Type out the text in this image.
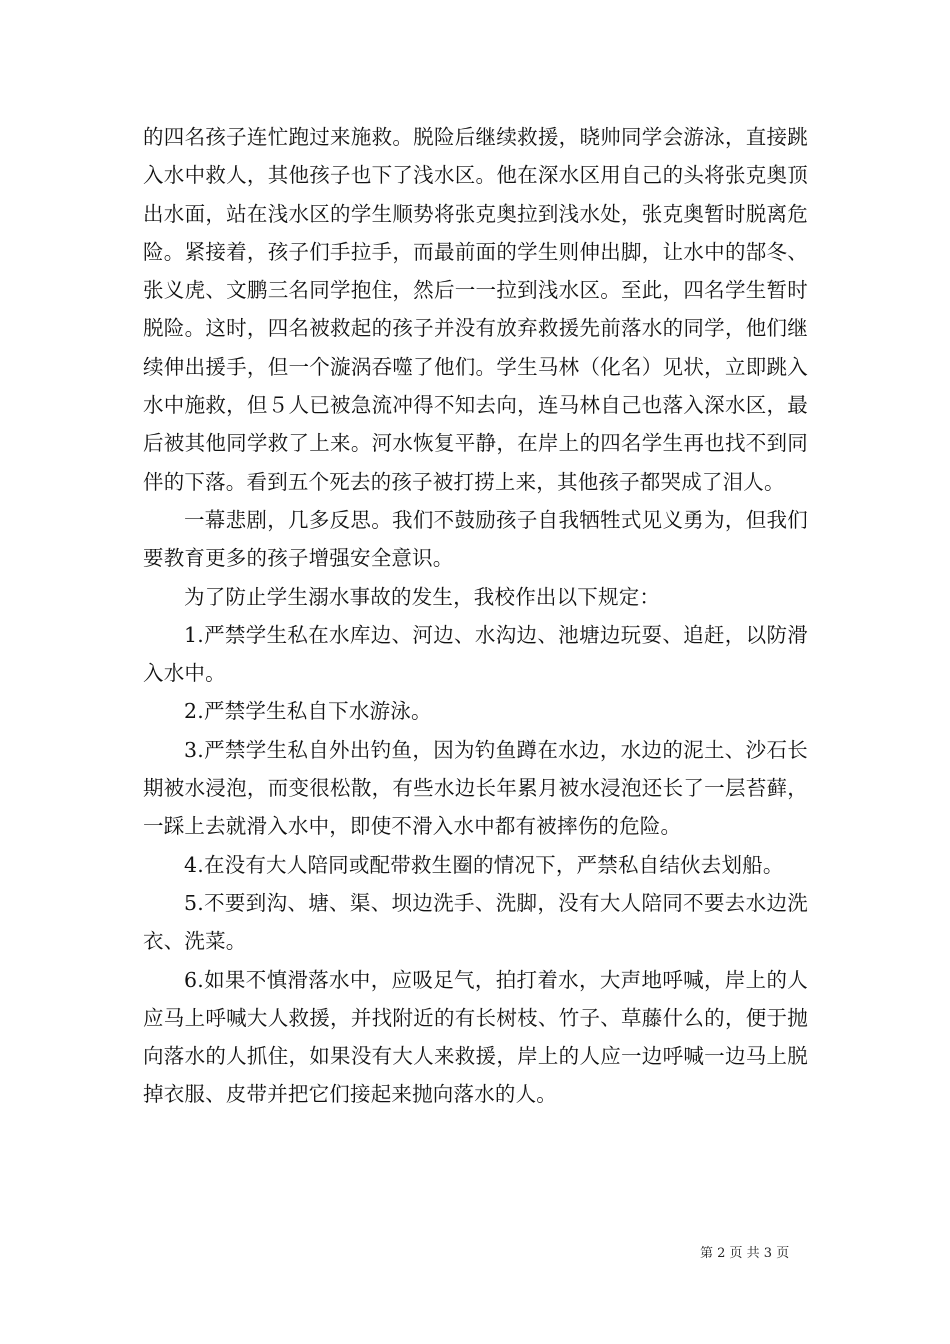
的四名孩子连忙跑过来施救。脱险后继续救援，晓帅同学会游泳，直接跳入水中救人，其他孩子也下了浅水区。他在深水区用自己的头将张克奥顶出水面，站在浅水区的学生顺势将张克奥拉到浅水处，张克奥暂时脱离危险。紧接着，孩子们手拉手，而最前面的学生则伸出脚，让水中的郜冬、张义虎、文鹏三名同学抱住，然后一一拉到浅水区。至此，四名学生暂时脱险。这时，四名被救起的孩子并没有放弃救援先前落水的同学，他们继续伸出援手，但一个漩涡吞噬了他们。学生马林（化名）见状，立即跳入水中施救，但５人已被急流冲得不知去向，连马林自己也落入深水区，最后被其他同学救了上来。河水恢复平静，在岸上的四名学生再也找不到同伴的下落。看到五个死去的孩子被打捞上来，其他孩子都哭成了泪人。

一幕悲剧，几多反思。我们不鼓励孩子自我牺牲式见义勇为，但我们要教育更多的孩子增强安全意识。

为了防止学生溺水事故的发生，我校作出以下规定：

1.严禁学生私在水库边、河边、水沟边、池塘边玩耍、追赶，以防滑入水中。

2.严禁学生私自下水游泳。

3.严禁学生私自外出钓鱼，因为钓鱼蹲在水边，水边的泥土、沙石长期被水浸泡，而变很松散，有些水边长年累月被水浸泡还长了一层苔藓，一踩上去就滑入水中，即使不滑入水中都有被摔伤的危险。

4.在没有大人陪同或配带救生圈的情况下，严禁私自结伙去划船。

5.不要到沟、塘、渠、坝边洗手、洗脚，没有大人陪同不要去水边洗衣、洗菜。

6.如果不慎滑落水中，应吸足气，拍打着水，大声地呼喊，岸上的人应马上呼喊大人救援，并找附近的有长树枝、竹子、草藤什么的，便于抛向落水的人抓住，如果没有大人来救援，岸上的人应一边呼喊一边马上脱掉衣服、皮带并把它们接起来抛向落水的人。

第 2 页 共 3 页
